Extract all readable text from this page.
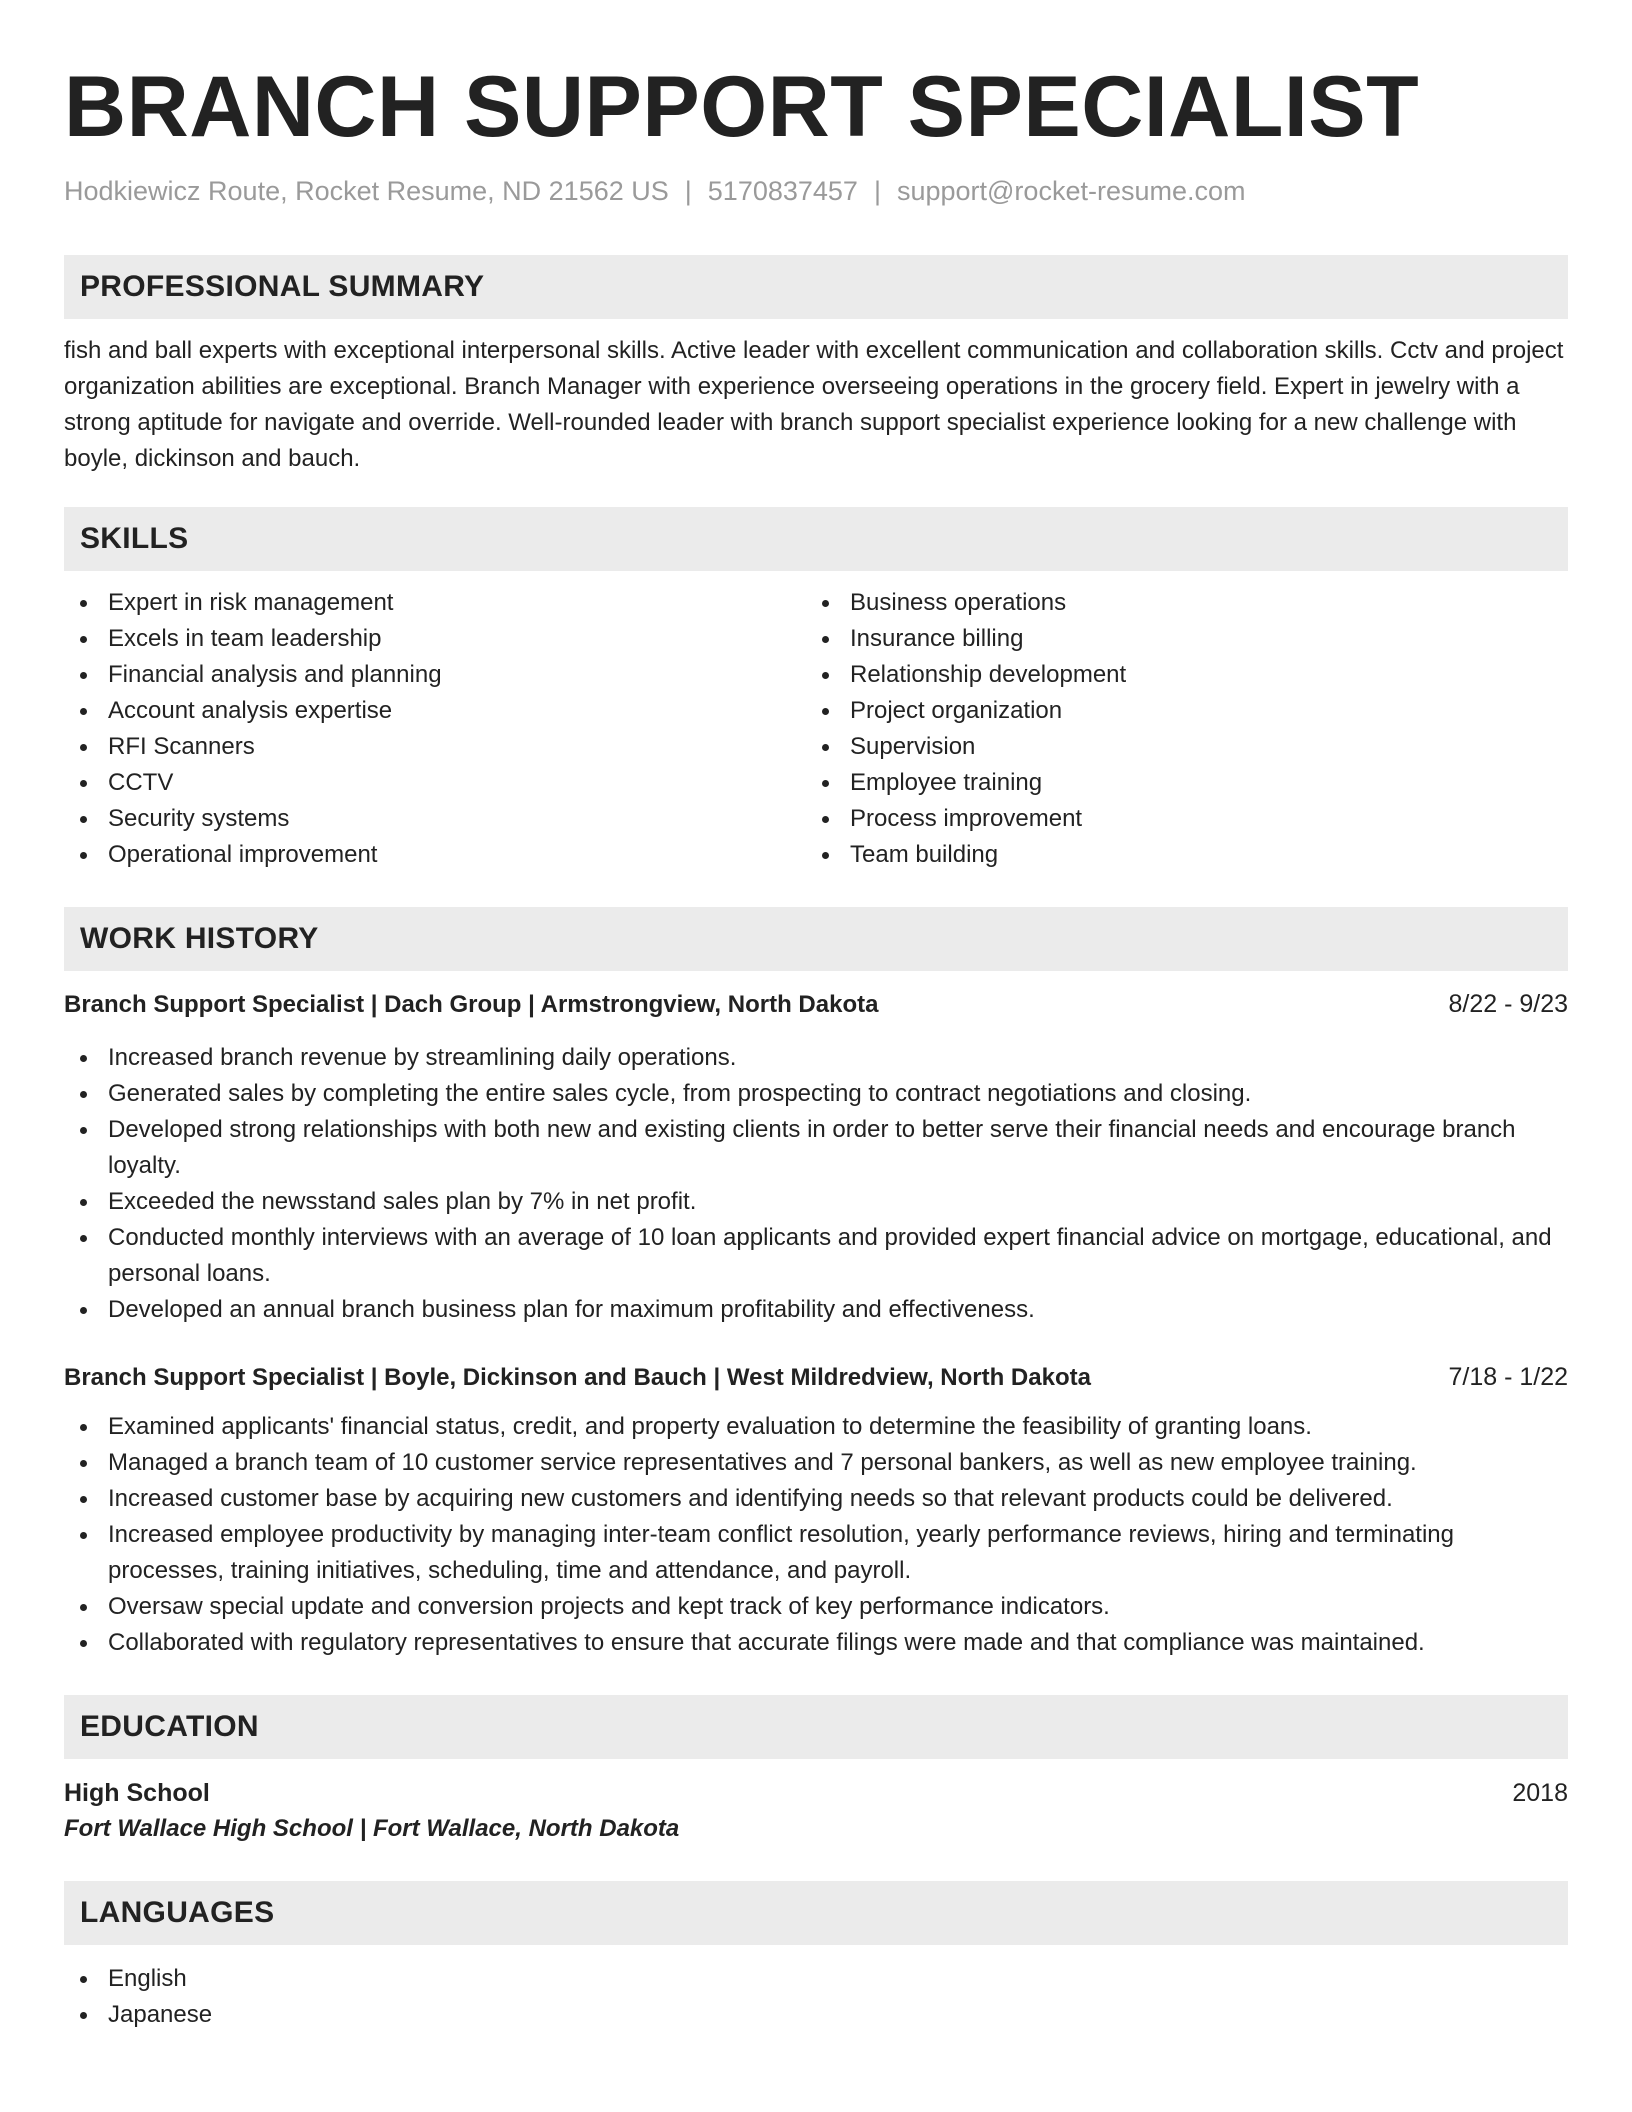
BRANCH SUPPORT SPECIALIST
Hodkiewicz Route, Rocket Resume, ND 21562 US | 5170837457 | support@rocket-resume.com
PROFESSIONAL SUMMARY

fish and ball experts with exceptional interpersonal skills. Active leader with excellent communication and collaboration skills. Cctv and project organization abilities are exceptional. Branch Manager with experience overseeing operations in the grocery field. Expert in jewelry with a strong aptitude for navigate and override. Well-rounded leader with branch support specialist experience looking for a new challenge with boyle, dickinson and bauch.

SKILLS
Expert in risk management
Excels in team leadership
Financial analysis and planning
Account analysis expertise
RFI Scanners
CCTV
Security systems
Operational improvement
Business operations
Insurance billing
Relationship development
Project organization
Supervision
Employee training
Process improvement
Team building
WORK HISTORY
Branch Support Specialist | Dach Group | Armstrongview, North Dakota	8/22 - 9/23
Increased branch revenue by streamlining daily operations.
Generated sales by completing the entire sales cycle, from prospecting to contract negotiations and closing.
Developed strong relationships with both new and existing clients in order to better serve their financial needs and encourage branch loyalty.
Exceeded the newsstand sales plan by 7% in net profit.
Conducted monthly interviews with an average of 10 loan applicants and provided expert financial advice on mortgage, educational, and personal loans.
Developed an annual branch business plan for maximum profitability and effectiveness.
Branch Support Specialist | Boyle, Dickinson and Bauch | West Mildredview, North Dakota	7/18 - 1/22
Examined applicants' financial status, credit, and property evaluation to determine the feasibility of granting loans.
Managed a branch team of 10 customer service representatives and 7 personal bankers, as well as new employee training.
Increased customer base by acquiring new customers and identifying needs so that relevant products could be delivered.
Increased employee productivity by managing inter-team conflict resolution, yearly performance reviews, hiring and terminating processes, training initiatives, scheduling, time and attendance, and payroll.
Oversaw special update and conversion projects and kept track of key performance indicators.
Collaborated with regulatory representatives to ensure that accurate filings were made and that compliance was maintained.
EDUCATION
High School	2018
Fort Wallace High School | Fort Wallace, North Dakota
LANGUAGES
English
Japanese
